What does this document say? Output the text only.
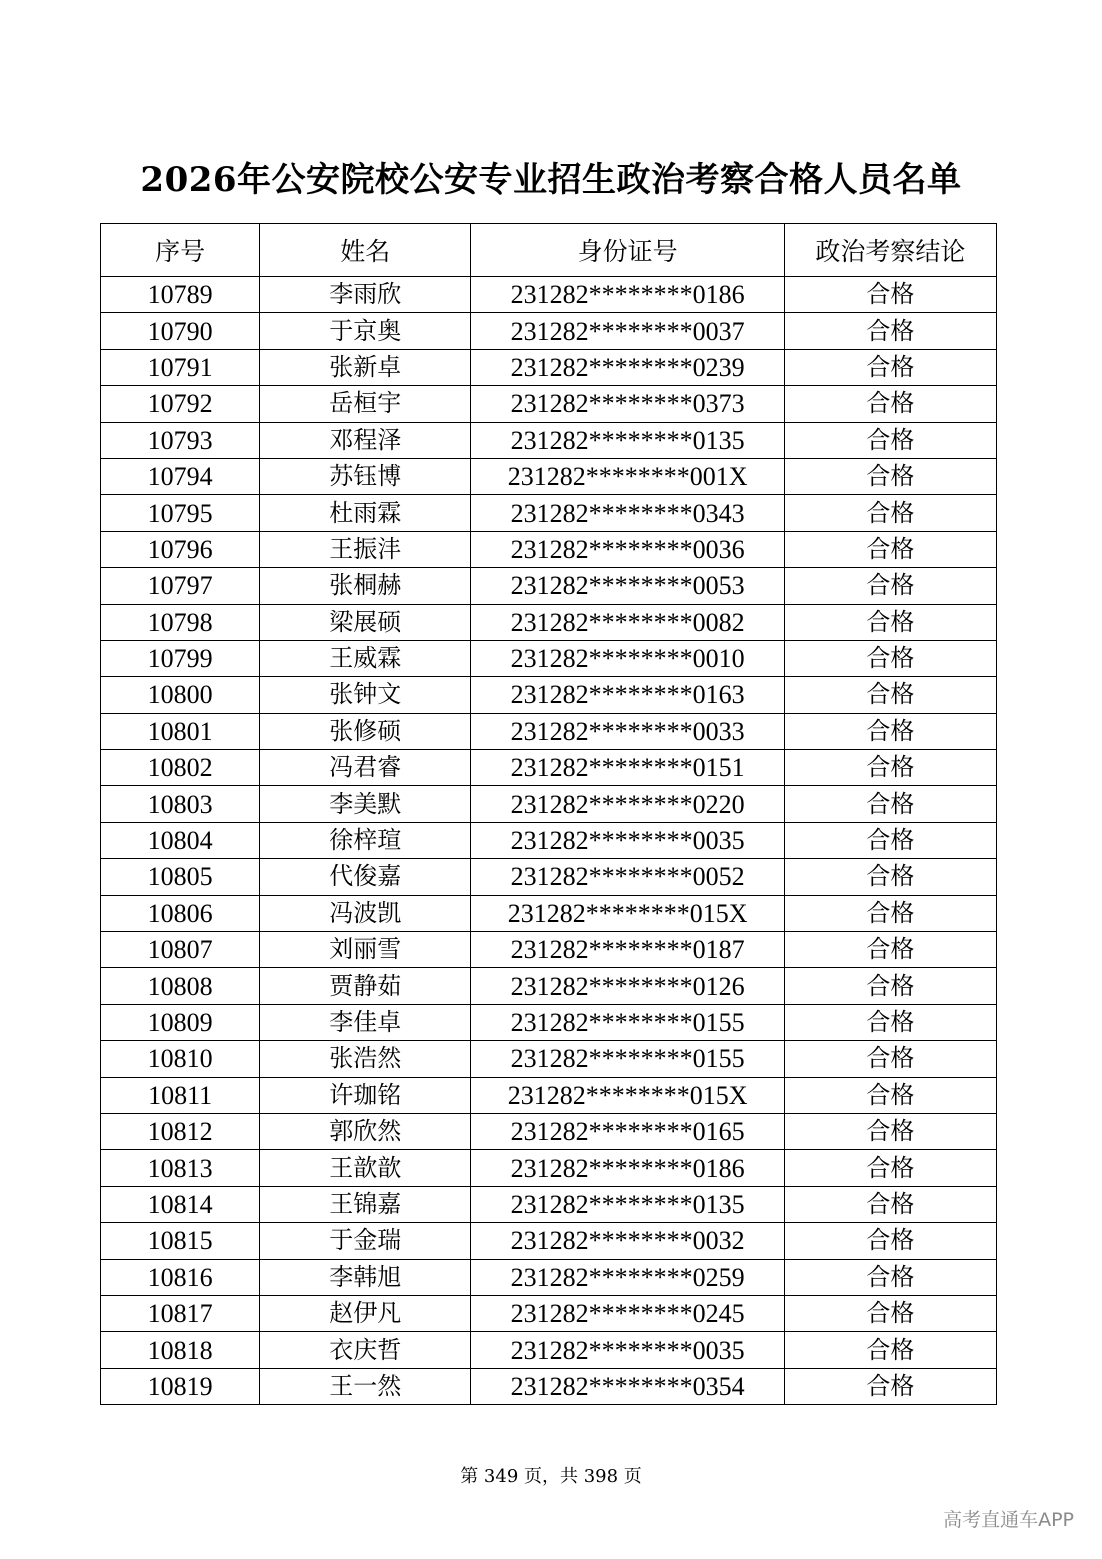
2026年公安院校公安专业招生政治考察合格人员名单
序号	姓名	身份证号	政治考察结论
10789	李雨欣	231282********0186	合格
10790	于京奥	231282********0037	合格
10791	张新卓	231282********0239	合格
10792	岳桓宇	231282********0373	合格
10793	邓程泽	231282********0135	合格
10794	苏钰博	231282********001X	合格
10795	杜雨霖	231282********0343	合格
10796	王振沣	231282********0036	合格
10797	张桐赫	231282********0053	合格
10798	梁展硕	231282********0082	合格
10799	王威霖	231282********0010	合格
10800	张钟文	231282********0163	合格
10801	张修硕	231282********0033	合格
10802	冯君睿	231282********0151	合格
10803	李美默	231282********0220	合格
10804	徐梓瑄	231282********0035	合格
10805	代俊嘉	231282********0052	合格
10806	冯波凯	231282********015X	合格
10807	刘丽雪	231282********0187	合格
10808	贾静茹	231282********0126	合格
10809	李佳卓	231282********0155	合格
10810	张浩然	231282********0155	合格
10811	许珈铭	231282********015X	合格
10812	郭欣然	231282********0165	合格
10813	王歆歆	231282********0186	合格
10814	王锦嘉	231282********0135	合格
10815	于金瑞	231282********0032	合格
10816	李韩旭	231282********0259	合格
10817	赵伊凡	231282********0245	合格
10818	衣庆哲	231282********0035	合格
10819	王一然	231282********0354	合格
第 349 页，共 398 页
高考直通车APP
